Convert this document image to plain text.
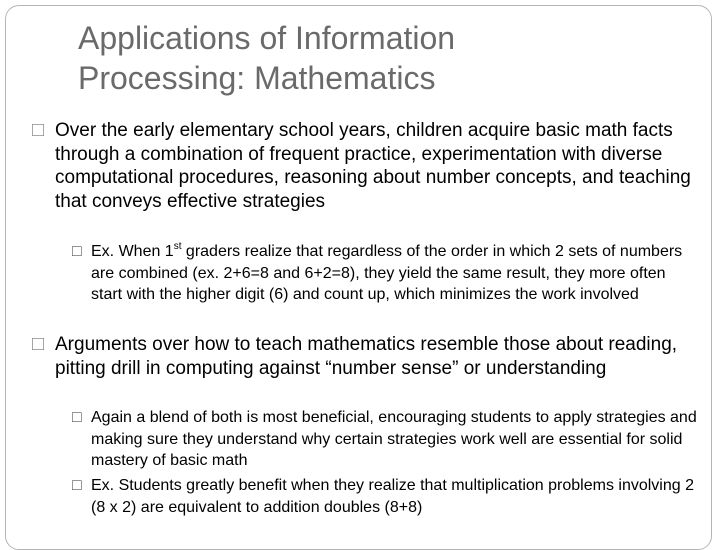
Applications of Information
Processing: Mathematics
□ Over the early elementary school years, children acquire basic math facts through a combination of frequent practice, experimentation with diverse computational procedures, reasoning about number concepts, and teaching that conveys effective strategies
□ Ex. When 1st graders realize that regardless of the order in which 2 sets of numbers are combined (ex. 2+6=8 and 6+2=8), they yield the same result, they more often start with the higher digit (6) and count up, which minimizes the work involved
□ Arguments over how to teach mathematics resemble those about reading, pitting drill in computing against “number sense” or understanding
□ Again a blend of both is most beneficial, encouraging students to apply strategies and making sure they understand why certain strategies work well are essential for solid mastery of basic math
□ Ex. Students greatly benefit when they realize that multiplication problems involving 2 (8 x 2) are equivalent to addition doubles (8+8)
